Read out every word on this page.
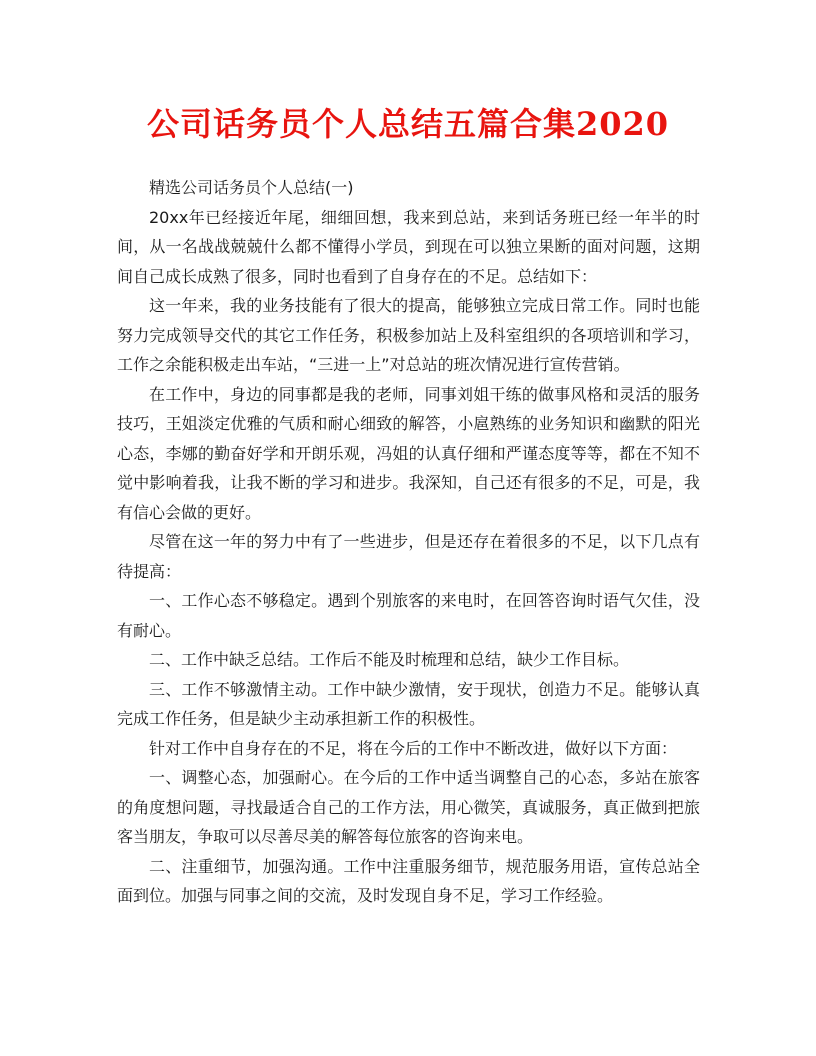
公司话务员个人总结五篇合集2020

精选公司话务员个人总结(一)

20xx年已经接近年尾，细细回想，我来到总站，来到话务班已经一年半的时间，从一名战战兢兢什么都不懂得小学员，到现在可以独立果断的面对问题，这期间自己成长成熟了很多，同时也看到了自身存在的不足。总结如下：

这一年来，我的业务技能有了很大的提高，能够独立完成日常工作。同时也能努力完成领导交代的其它工作任务，积极参加站上及科室组织的各项培训和学习，工作之余能积极走出车站，“三进一上”对总站的班次情况进行宣传营销。

在工作中，身边的同事都是我的老师，同事刘姐干练的做事风格和灵活的服务技巧，王姐淡定优雅的气质和耐心细致的解答，小扈熟练的业务知识和幽默的阳光心态，李娜的勤奋好学和开朗乐观，冯姐的认真仔细和严谨态度等等，都在不知不觉中影响着我，让我不断的学习和进步。我深知，自己还有很多的不足，可是，我有信心会做的更好。

尽管在这一年的努力中有了一些进步，但是还存在着很多的不足，以下几点有待提高：

一、工作心态不够稳定。遇到个别旅客的来电时，在回答咨询时语气欠佳，没有耐心。

二、工作中缺乏总结。工作后不能及时梳理和总结，缺少工作目标。

三、工作不够激情主动。工作中缺少激情，安于现状，创造力不足。能够认真完成工作任务，但是缺少主动承担新工作的积极性。

针对工作中自身存在的不足，将在今后的工作中不断改进，做好以下方面：

一、调整心态，加强耐心。在今后的工作中适当调整自己的心态，多站在旅客的角度想问题，寻找最适合自己的工作方法，用心微笑，真诚服务，真正做到把旅客当朋友，争取可以尽善尽美的解答每位旅客的咨询来电。

二、注重细节，加强沟通。工作中注重服务细节，规范服务用语，宣传总站全面到位。加强与同事之间的交流，及时发现自身不足，学习工作经验。
